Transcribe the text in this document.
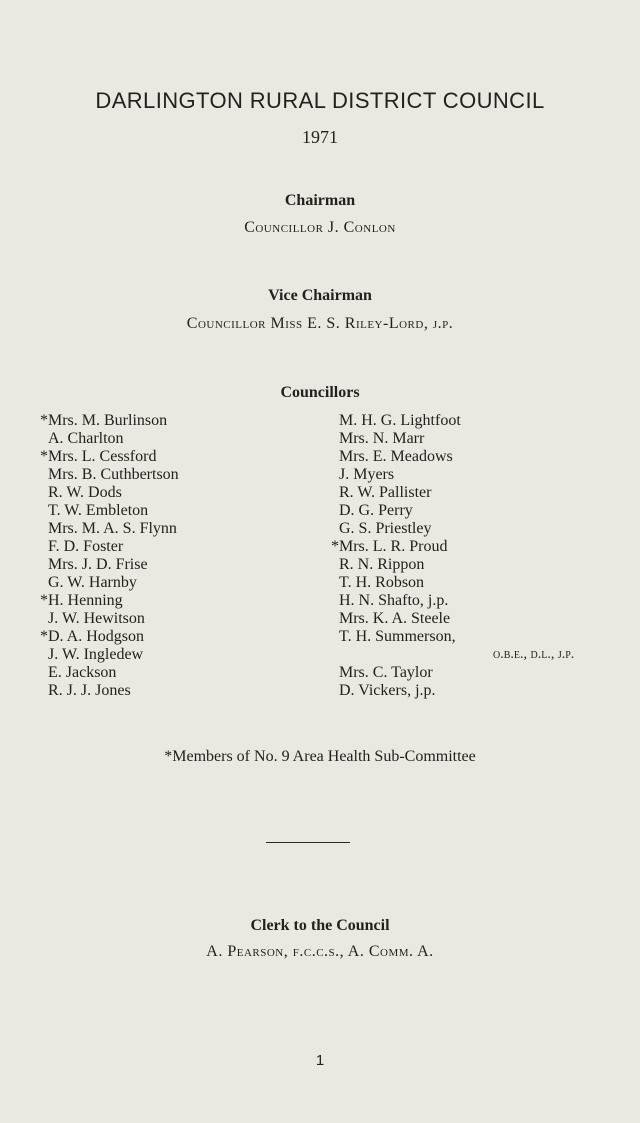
DARLINGTON RURAL DISTRICT COUNCIL
1971
Chairman
Councillor J. Conlon
Vice Chairman
Councillor Miss E. S. Riley-Lord, j.p.
Councillors
*Mrs. M. Burlinson
A. Charlton
*Mrs. L. Cessford
Mrs. B. Cuthbertson
R. W. Dods
T. W. Embleton
Mrs. M. A. S. Flynn
F. D. Foster
Mrs. J. D. Frise
G. W. Harnby
*H. Henning
J. W. Hewitson
*D. A. Hodgson
J. W. Ingledew
E. Jackson
R. J. J. Jones
M. H. G. Lightfoot
Mrs. N. Marr
Mrs. E. Meadows
J. Myers
R. W. Pallister
D. G. Perry
G. S. Priestley
*Mrs. L. R. Proud
R. N. Rippon
T. H. Robson
H. N. Shafto, j.p.
Mrs. K. A. Steele
T. H. Summerson,
o.b.e., d.l., j.p.
Mrs. C. Taylor
D. Vickers, j.p.
*Members of No. 9 Area Health Sub-Committee
Clerk to the Council
A. Pearson, f.c.c.s., A. Comm. A.
1
